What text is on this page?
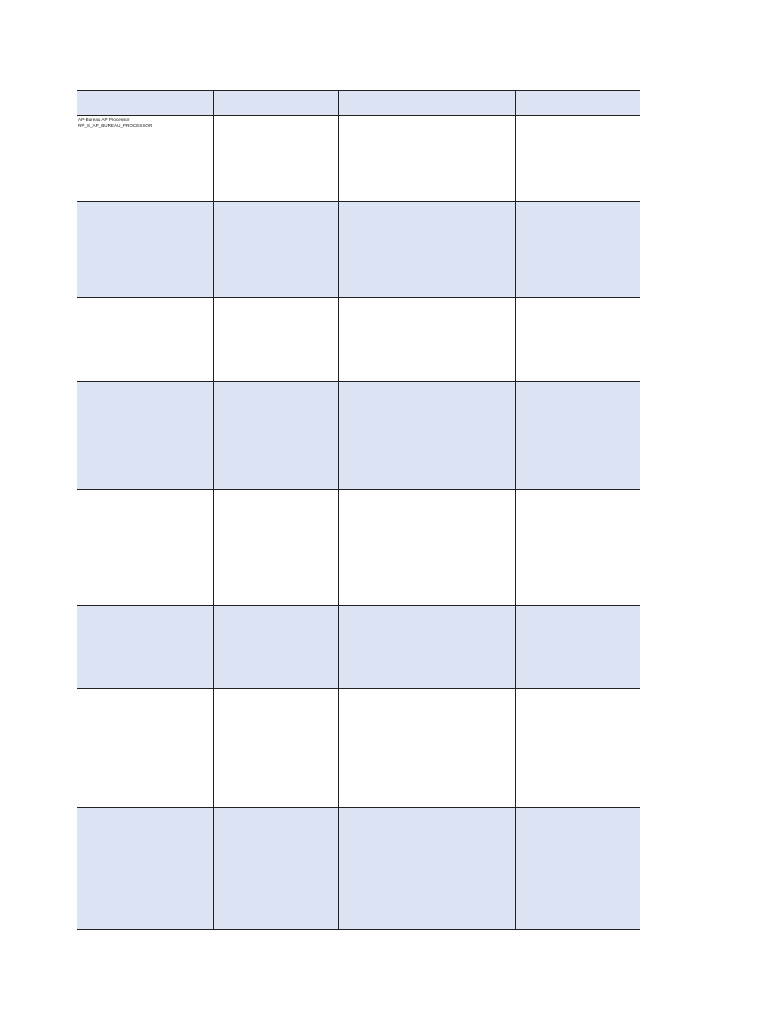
AP-Bureau AP Processor
RP_S_AP_BUREAU_PROCESSOR
